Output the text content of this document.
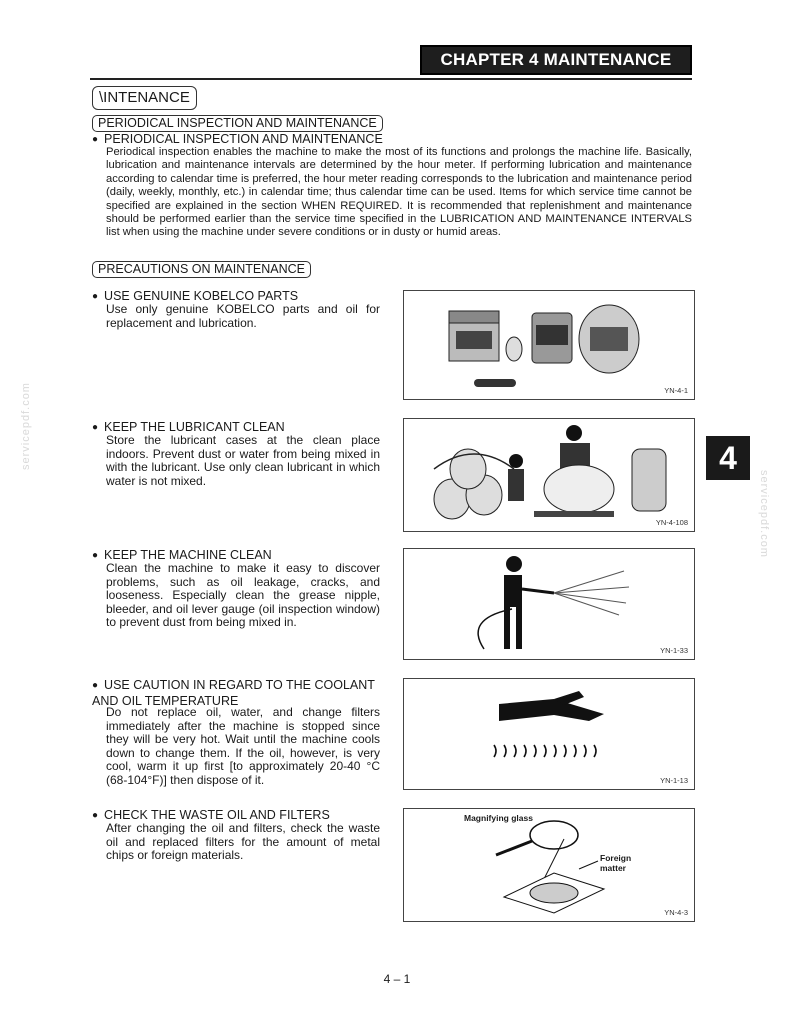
CHAPTER 4 MAINTENANCE
4
servicepdf.com
servicepdf.com
\INTENANCE
PERIODICAL INSPECTION AND MAINTENANCE
● PERIODICAL INSPECTION AND MAINTENANCE
Periodical inspection enables the machine to make the most of its functions and prolongs the machine life. Basically, lubrication and maintenance intervals are determined by the hour meter. If performing lubrication and maintenance according to calendar time is preferred, the hour meter reading corresponds to the lubrication and maintenance period (daily, weekly, monthly, etc.) in calendar time; thus calendar time can be used. Items for which service time cannot be specified are explained in the section WHEN REQUIRED. It is recommended that replenishment and maintenance should be performed earlier than the service time specified in the LUBRICATION AND MAINTENANCE INTERVALS list when using the machine under severe conditions or in dusty or humid areas.
PRECAUTIONS ON MAINTENANCE
● USE GENUINE KOBELCO PARTS
Use only genuine KOBELCO parts and oil for replacement and lubrication.
YN-4-1
● KEEP THE LUBRICANT CLEAN
Store the lubricant cases at the clean place indoors. Prevent dust or water from being mixed in with the lubricant. Use only clean lubricant in which water is not mixed.
YN-4-108
● KEEP THE MACHINE CLEAN
Clean the machine to make it easy to discover problems, such as oil leakage, cracks, and looseness. Especially clean the grease nipple, bleeder, and oil lever gauge (oil inspection window) to prevent dust from being mixed in.
YN-1-33
● USE CAUTION IN REGARD TO THE COOLANT AND OIL TEMPERATURE
Do not replace oil, water, and change filters immediately after the machine is stopped since they will be very hot. Wait until the machine cools down to change them. If the oil, however, is very cool, warm it up first [to approximately 20-40 °C (68-104°F)] then dispose of it.	YN-1-13
● CHECK THE WASTE OIL AND FILTERS
After changing the oil and filters, check the waste oil and replaced filters for the amount of metal chips or foreign materials.
Magnifying glass
Foreign matter
YN-4-3
4 – 1
